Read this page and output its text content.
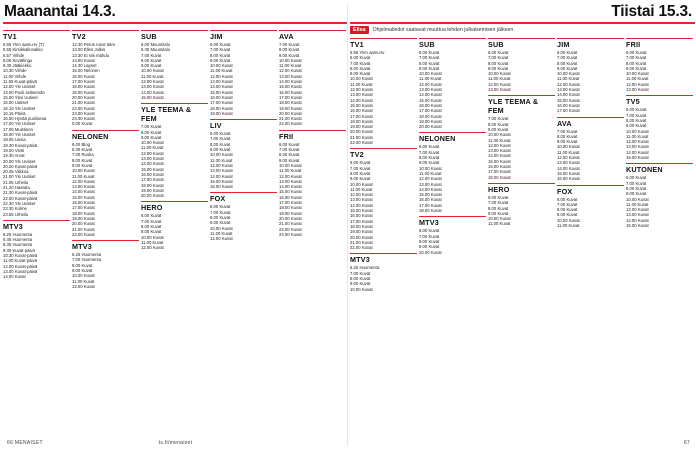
Maanantai 14.3.
TV1
5.55 Ylen aamu-tv (T)
5.55 Kirsikkalinnakko
5.57 Viihde
9.00 Kevätlingo
9.30 Jääkiekko
10.30 Viihde
11.00 Viihde
11.55 Kuvat-päivä
12.00 Yle Uutiset
13.00 Puoli seitsemän
15.00 Ylen Uutiset
16.00 Uutiset
16.10 Yle Uutiset
16.15 Päivä
16.50 Hyvää puoliseaa
17.00 Yle Uutiset
17.05 Muistinen
18.00 Yle Uutiset
18.05 Uusia
18.30 Kuvat-päivä
19.00 Vietti
19.30 Arvat
20.00 Yle Uutiset
20.20 Kuvat-päivä
20.45 Viikkoa
21.00 Yle Uutiset
21.05 Urheilu
21.20 Haarala
21.30 Kuvat-päivä
22.00 Kuvat-päivä
22.30 Yle Uutiset
23.30 Kolme
23.55 Urheilu
MTV3
6.25 Huomenta
6.45 Huomenta
8.35 Huomenta
9.30 Kuvat-päivä
10.30 Kuvat-päivä
11.00 Kuvat-päivä
12.00 Kuvat-päivä
13.00 Kuvat-päivä
14.00 Kuvat
TV2
12.30 Perus rusot ääni
13.00 Ellen Julkis
13.30 Ei siis mahdu
14.00 Kuvat
14.30 Lapset
15.00 Nelonen
16.00 Kuvat
17.00 Kuvat
18.00 Kuvat
19.00 Kuvat
20.00 Kuvat
21.00 Kuvat
22.00 Kuvat
23.00 Kuvat
23.30 Kuvat
0.00 Kuvat
NELONEN
6.00 Blog
6.30 Kuvat
7.00 Ruoka
8.00 Kuvat
9.00 Kuvat
10.00 Kuvat
11.00 Kuvat
12.00 Kuvat
13.00 Kuvat
14.00 Kuvat
15.00 Kuvat
16.00 Kuvat
17.00 Kuvat
18.00 Kuvat
19.00 Kuvat
20.00 Kuvat
21.00 Kuvat
22.00 Kuvat
MTV3
6.25 Huomenta
7.00 Huomenta
8.00 Kuvat
9.00 Kuvat
10.00 Kuvat
11.00 Kuvat
12.00 Kuvat
SUB
6.00 Muumitalo
6.30 Muumitalo
7.00 Kuvat
8.00 Kuvat
9.00 Kuvat
10.00 Kuvat
11.00 Kuvat
12.00 Kuvat
13.00 Kuvat
14.00 Kuvat
15.00 Kuvat
YLE TEEMA & FEM
7.00 Kuvat
8.00 Kuvat
9.00 Kuvat
10.00 Kuvat
11.00 Kuvat
12.00 Kuvat
13.00 Kuvat
14.00 Kuvat
15.00 Kuvat
16.00 Kuvat
17.00 Kuvat
18.00 Kuvat
19.00 Kuvat
20.00 Kuvat
HERO
6.00 Kuvat
7.00 Kuvat
8.00 Kuvat
9.00 Kuvat
10.00 Kuvat
11.00 Kuvat
12.00 Kuvat
JIM
6.00 Kuvat
7.00 Kuvat
8.00 Kuvat
9.00 Kuvat
10.00 Kuvat
11.00 Kuvat
12.00 Kuvat
13.00 Kuvat
14.00 Kuvat
15.00 Kuvat
16.00 Kuvat
17.00 Kuvat
18.00 Kuvat
19.00 Kuvat
LIV
6.00 Kuvat
7.00 Kuvat
8.00 Kuvat
9.00 Kuvat
10.00 Kuvat
11.00 Kuvat
12.00 Kuvat
13.00 Kuvat
14.00 Kuvat
15.00 Kuvat
16.00 Kuvat
FOX
6.00 Kuvat
7.00 Kuvat
8.00 Kuvat
9.00 Kuvat
10.00 Kuvat
11.00 Kuvat
12.00 Kuvat
AVA
7.00 Kuvat
8.00 Kuvat
9.00 Kuvat
10.00 Kuvat
11.00 Kuvat
12.00 Kuvat
13.00 Kuvat
14.00 Kuvat
15.00 Kuvat
16.00 Kuvat
17.00 Kuvat
18.00 Kuvat
19.00 Kuvat
20.00 Kuvat
21.00 Kuvat
22.00 Kuvat
FRII
6.00 Kuvat
7.00 Kuvat
8.00 Kuvat
9.00 Kuvat
10.00 Kuvat
11.00 Kuvat
12.00 Kuvat
13.00 Kuvat
14.00 Kuvat
15.00 Kuvat
16.00 Kuvat
17.00 Kuvat
18.00 Kuvat
19.00 Kuvat
20.00 Kuvat
21.00 Kuvat
22.00 Kuvat
23.00 Kuvat
66 MENAISET	ts.fi/menaiset
Tiistai 15.3.
Elisa	Ohjelmatiedot saatavat muuttua lehden julkaisemisen jälkeen.
TV1
5.55 Ylen aamu-tv
6.00 Kuvat
7.00 Kuvat
8.00 Kuvat
9.00 Kuvat
10.00 Kuvat
11.00 Kuvat
12.00 Kuvat
13.00 Kuvat
14.00 Kuvat
15.00 Kuvat
16.00 Kuvat
17.00 Kuvat
18.00 Kuvat
19.00 Kuvat
20.00 Kuvat
21.00 Kuvat
22.00 Kuvat
TV2
6.00 Kuvat
7.00 Kuvat
8.00 Kuvat
9.00 Kuvat
10.00 Kuvat
11.00 Kuvat
12.00 Kuvat
13.00 Kuvat
14.00 Kuvat
15.00 Kuvat
16.00 Kuvat
17.00 Kuvat
18.00 Kuvat
19.00 Kuvat
20.00 Kuvat
21.00 Kuvat
22.00 Kuvat
MTV3
6.25 Huomenta
7.00 Kuvat
8.00 Kuvat
9.00 Kuvat
10.00 Kuvat
SUB
6.00 Kuvat
7.00 Kuvat
8.00 Kuvat
9.00 Kuvat
10.00 Kuvat
11.00 Kuvat
12.00 Kuvat
13.00 Kuvat
14.00 Kuvat
15.00 Kuvat
16.00 Kuvat
17.00 Kuvat
18.00 Kuvat
19.00 Kuvat
20.00 Kuvat
NELONEN
6.00 Kuvat
7.00 Kuvat
8.00 Kuvat
9.00 Kuvat
10.00 Kuvat
11.00 Kuvat
12.00 Kuvat
13.00 Kuvat
14.00 Kuvat
15.00 Kuvat
16.00 Kuvat
17.00 Kuvat
18.00 Kuvat
MTV3
6.00 Kuvat
7.00 Kuvat
8.00 Kuvat
9.00 Kuvat
10.00 Kuvat
SUB
6.00 Kuvat
7.00 Kuvat
8.00 Kuvat
9.00 Kuvat
10.00 Kuvat
11.00 Kuvat
12.00 Kuvat
13.00 Kuvat
YLE TEEMA & FEM
7.00 Kuvat
8.00 Kuvat
9.00 Kuvat
10.00 Kuvat
11.00 Kuvat
12.00 Kuvat
13.00 Kuvat
14.00 Kuvat
15.00 Kuvat
16.00 Kuvat
17.00 Kuvat
18.00 Kuvat
HERO
6.00 Kuvat
7.00 Kuvat
8.00 Kuvat
9.00 Kuvat
10.00 Kuvat
11.00 Kuvat
JIM
6.00 Kuvat
7.00 Kuvat
8.00 Kuvat
9.00 Kuvat
10.00 Kuvat
11.00 Kuvat
12.00 Kuvat
13.00 Kuvat
14.00 Kuvat
15.00 Kuvat
16.00 Kuvat
17.00 Kuvat
AVA
7.00 Kuvat
8.00 Kuvat
9.00 Kuvat
10.00 Kuvat
11.00 Kuvat
12.00 Kuvat
13.00 Kuvat
14.00 Kuvat
15.00 Kuvat
16.00 Kuvat
FOX
6.00 Kuvat
7.00 Kuvat
8.00 Kuvat
9.00 Kuvat
10.00 Kuvat
11.00 Kuvat
FRII
6.00 Kuvat
7.00 Kuvat
8.00 Kuvat
9.00 Kuvat
10.00 Kuvat
11.00 Kuvat
12.00 Kuvat
13.00 Kuvat
TV5
6.00 Kuvat
7.00 Kuvat
8.00 Kuvat
9.00 Kuvat
10.00 Kuvat
11.00 Kuvat
12.00 Kuvat
13.00 Kuvat
14.00 Kuvat
15.00 Kuvat
KUTONEN
6.00 Kuvat
7.00 Kuvat
8.00 Kuvat
9.00 Kuvat
10.00 Kuvat
11.00 Kuvat
12.00 Kuvat
13.00 Kuvat
14.00 Kuvat
15.00 Kuvat
67
